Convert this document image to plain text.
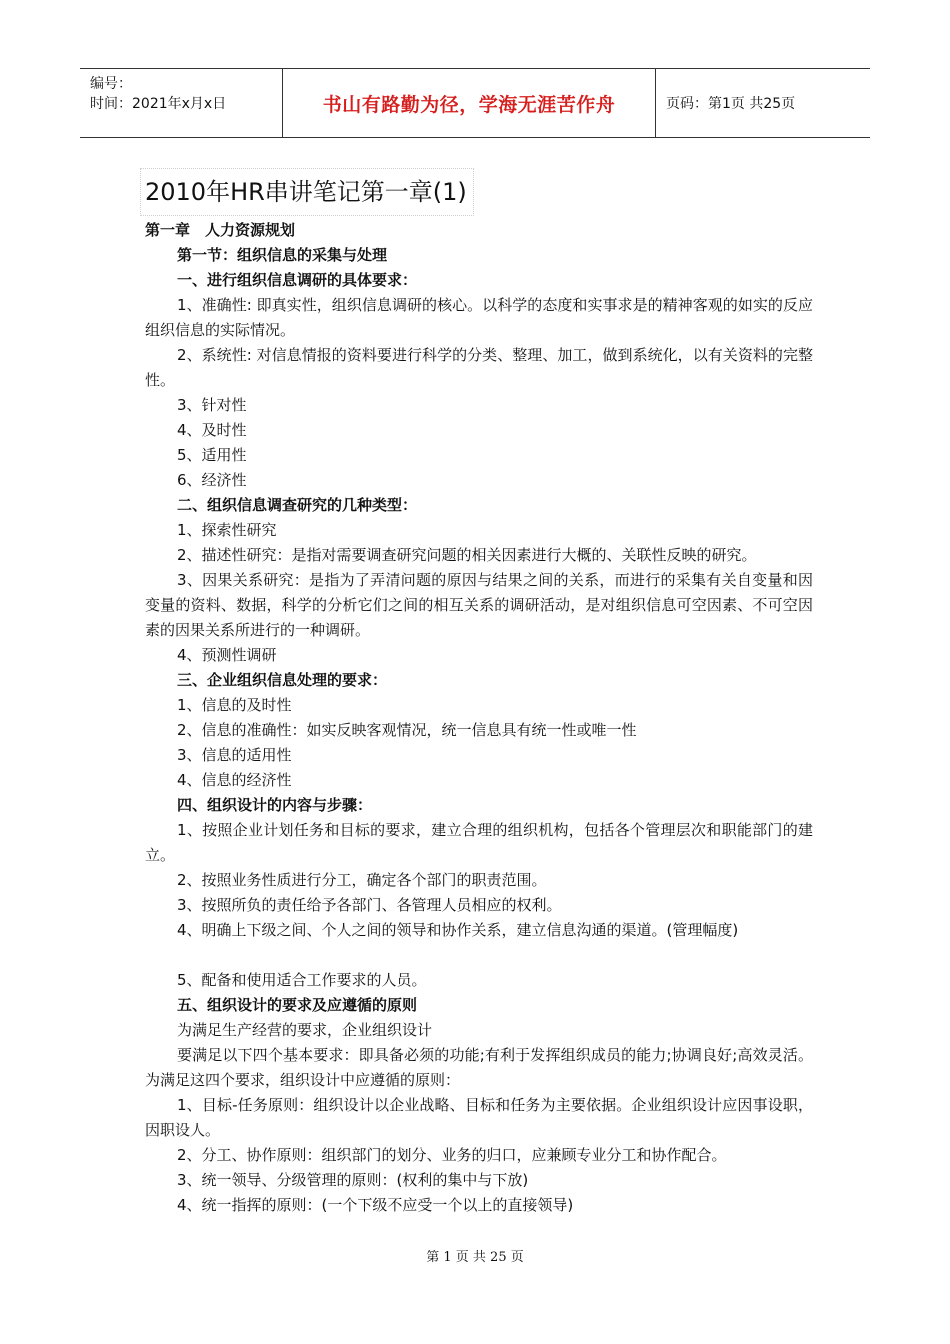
编号：
时间：2021年x月x日	书山有路勤为径，学海无涯苦作舟	页码：第1页 共25页
2010年HR串讲笔记第一章(1)

第一章　人力资源规划

第一节：组织信息的采集与处理

一、进行组织信息调研的具体要求：

1、准确性: 即真实性，组织信息调研的核心。以科学的态度和实事求是的精神客观的如实的反应组织信息的实际情况。

2、系统性: 对信息情报的资料要进行科学的分类、整理、加工，做到系统化，以有关资料的完整性。

3、针对性

4、及时性

5、适用性

6、经济性

二、组织信息调查研究的几种类型：

1、探索性研究

2、描述性研究：是指对需要调查研究问题的相关因素进行大概的、关联性反映的研究。

3、因果关系研究：是指为了弄清问题的原因与结果之间的关系，而进行的采集有关自变量和因变量的资料、数据，科学的分析它们之间的相互关系的调研活动，是对组织信息可空因素、不可空因素的因果关系所进行的一种调研。

4、预测性调研

三、企业组织信息处理的要求：

1、信息的及时性

2、信息的准确性：如实反映客观情况，统一信息具有统一性或唯一性

3、信息的适用性

4、信息的经济性

四、组织设计的内容与步骤：

1、按照企业计划任务和目标的要求，建立合理的组织机构，包括各个管理层次和职能部门的建立。

2、按照业务性质进行分工，确定各个部门的职责范围。

3、按照所负的责任给予各部门、各管理人员相应的权利。

4、明确上下级之间、个人之间的领导和协作关系，建立信息沟通的渠道。(管理幅度)

5、配备和使用适合工作要求的人员。

五、组织设计的要求及应遵循的原则

为满足生产经营的要求，企业组织设计

要满足以下四个基本要求：即具备必须的功能;有利于发挥组织成员的能力;协调良好;高效灵活。为满足这四个要求，组织设计中应遵循的原则：

1、目标-任务原则：组织设计以企业战略、目标和任务为主要依据。企业组织设计应因事设职，因职设人。

2、分工、协作原则：组织部门的划分、业务的归口，应兼顾专业分工和协作配合。

3、统一领导、分级管理的原则：(权利的集中与下放)

4、统一指挥的原则：(一个下级不应受一个以上的直接领导)

第 1 页 共 25 页
